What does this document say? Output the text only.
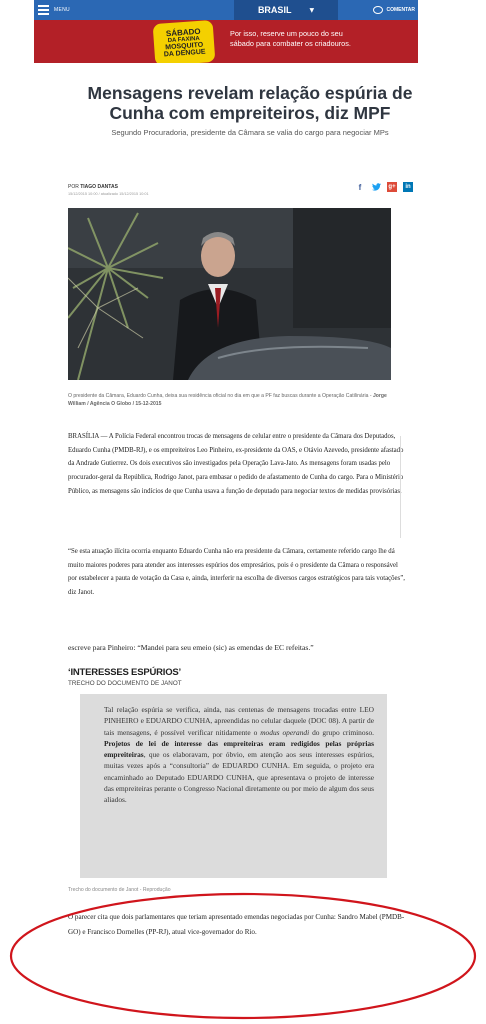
MENU	BRASIL	▼	COMENTAR
SÁBADO
DA FAXINA
MOSQUITO
DA DENGUE
Por isso, reserve um pouco do seu
sábado para combater os criadouros.
Mensagens revelam relação espúria de Cunha com empreiteiros, diz MPF
Segundo Procuradoria, presidente da Câmara se valia do cargo para negociar MPs
POR TIAGO DANTAS
15/12/2015 10:00 / atualizado 15/12/2015 10:01
f	g+	in
O presidente da Câmara, Eduardo Cunha, deixa sua residência oficial no dia em que a PF faz buscas durante a Operação Catilinária - Jorge William / Agência O Globo / 15-12-2015

BRASÍLIA — A Polícia Federal encontrou trocas de mensagens de celular entre o presidente da Câmara dos Deputados, Eduardo Cunha (PMDB-RJ), e os empreiteiros Leo Pinheiro, ex-presidente da OAS, e Otávio Azevedo, presidente afastado da Andrade Gutierrez. Os dois executivos são investigados pela Operação Lava-Jato. As mensagens foram usadas pelo procurador-geral da República, Rodrigo Janot, para embasar o pedido de afastamento de Cunha do cargo. Para o Ministério Público, as mensagens são indícios de que Cunha usava a função de deputado para negociar textos de medidas provisórias.

“Se esta atuação ilícita ocorria enquanto Eduardo Cunha não era presidente da Câmara, certamente referido cargo lhe dá muito maiores poderes para atender aos interesses espúrios dos empresários, pois é o presidente da Câmara o responsável por estabelecer a pauta de votação da Casa e, ainda, interferir na escolha de diversos cargos estratégicos para tais votações”, diz Janot.

escreve para Pinheiro: “Mandei para seu emeio (sic) as emendas de EC refeitas.”

‘INTERESSES ESPÚRIOS’
TRECHO DO DOCUMENTO DE JANOT

Tal relação espúria se verifica, ainda, nas centenas de mensagens trocadas entre LEO PINHEIRO e EDUARDO CUNHA, apreendidas no celular daquele (DOC 08). A partir de tais mensagens, é possível verificar nitidamente o modus operandi do grupo criminoso. Projetos de lei de interesse das empreiteiras eram redigidos pelas próprias empreiteiras, que os elaboravam, por óbvio, em atenção aos seus interesses espúrios, muitas vezes após a “consultoria” de EDUARDO CUNHA. Em seguida, o projeto era encaminhado ao Deputado EDUARDO CUNHA, que apresentava o projeto de interesse das empreiteiras perante o Congresso Nacional diretamente ou por meio de algum dos seus aliados.

Trecho do documento de Janot - Reprodução

O parecer cita que dois parlamentares que teriam apresentado emendas negociadas por Cunha: Sandro Mabel (PMDB-GO) e Francisco Dornelles (PP-RJ), atual vice-governador do Rio.
